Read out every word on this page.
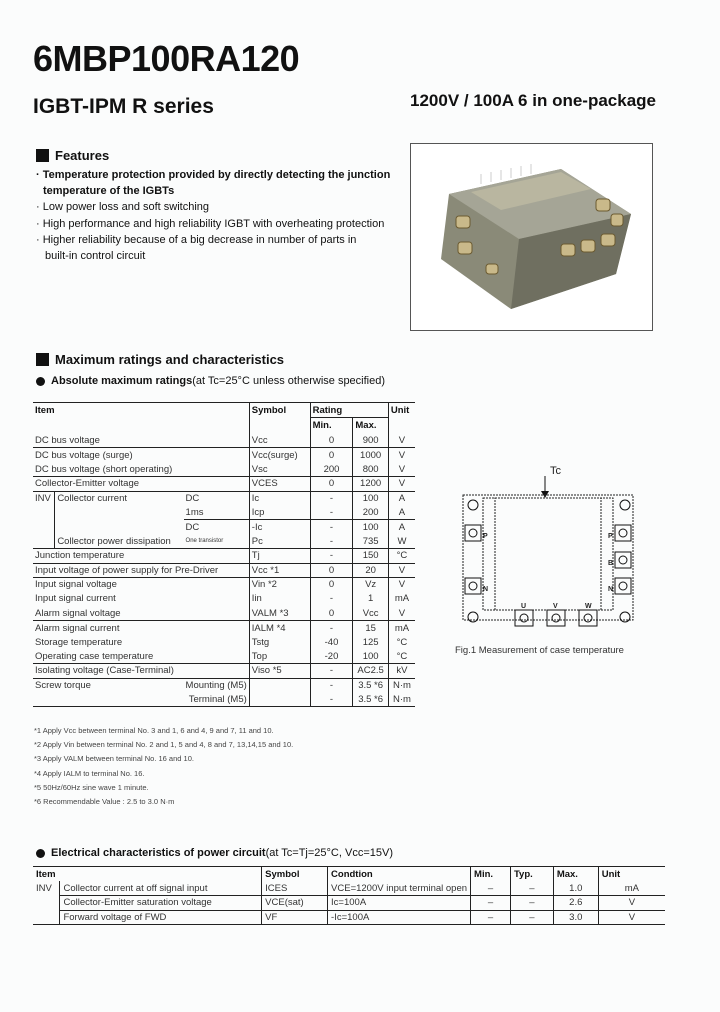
6MBP100RA120
IGBT-IPM R series	1200V / 100A 6 in one-package
Features
· Temperature protection provided by directly detecting the junction
temperature of the IGBTs
· Low power loss and soft switching
· High performance and high reliability IGBT with overheating protection
· Higher reliability because of a big decrease in number of parts in
built-in control circuit
Maximum ratings and characteristics
Absolute maximum ratings (at Tc=25°C unless otherwise specified)
Item			Symbol	Rating		Unit
				Min.	Max.	
DC bus voltage			Vcc	0	900	V
DC bus voltage (surge)			Vcc(surge)	0	1000	V
DC bus voltage (short operating)			Vsc	200	800	V
Collector-Emitter voltage			VCES	0	1200	V
INV	Collector current	DC	Ic	-	100	A
		1ms	Icp	-	200	A
		DC	-Ic	-	100	A
	Collector power dissipation	One transistor	Pc	-	735	W
Junction temperature			Tj	-	150	°C
Input voltage of power supply for Pre-Driver			Vcc *1	0	20	V
Input signal voltage			Vin *2	0	Vz	V
Input signal current			Iin	-	1	mA
Alarm signal voltage			VALM *3	0	Vcc	V
Alarm signal current			IALM *4	-	15	mA
Storage temperature			Tstg	-40	125	°C
Operating case temperature			Top	-20	100	°C
Isolating voltage (Case-Terminal)			Viso *5	-	AC2.5	kV
Screw torque		Mounting (M5)		-	3.5 *6	N·m
		Terminal (M5)		-	3.5 *6	N·m
*1 Apply Vcc between terminal No. 3 and 1, 6 and 4, 9 and 7, 11 and 10.
*2 Apply Vin between terminal No. 2 and 1, 5 and 4, 8 and 7, 13,14,15 and 10.
*3 Apply VALM between terminal No. 16 and 10.
*4 Apply IALM to terminal No. 16.
*5 50Hz/60Hz sine wave 1 minute.
*6 Recommendable Value : 2.5 to 3.0 N·m
Tc
P
N
P
B
N
U	V	W
Fig.1 Measurement of case temperature
Electrical characteristics of power circuit (at Tc=Tj=25°C, Vcc=15V)
Item		Symbol	Condtion	Min.	Typ.	Max.	Unit
INV	Collector current at off signal input	ICES	VCE=1200V input terminal open	–	–	1.0	mA
	Collector-Emitter saturation voltage	VCE(sat)	Ic=100A	–	–	2.6	V
	Forward voltage of FWD	VF	-Ic=100A	–	–	3.0	V
